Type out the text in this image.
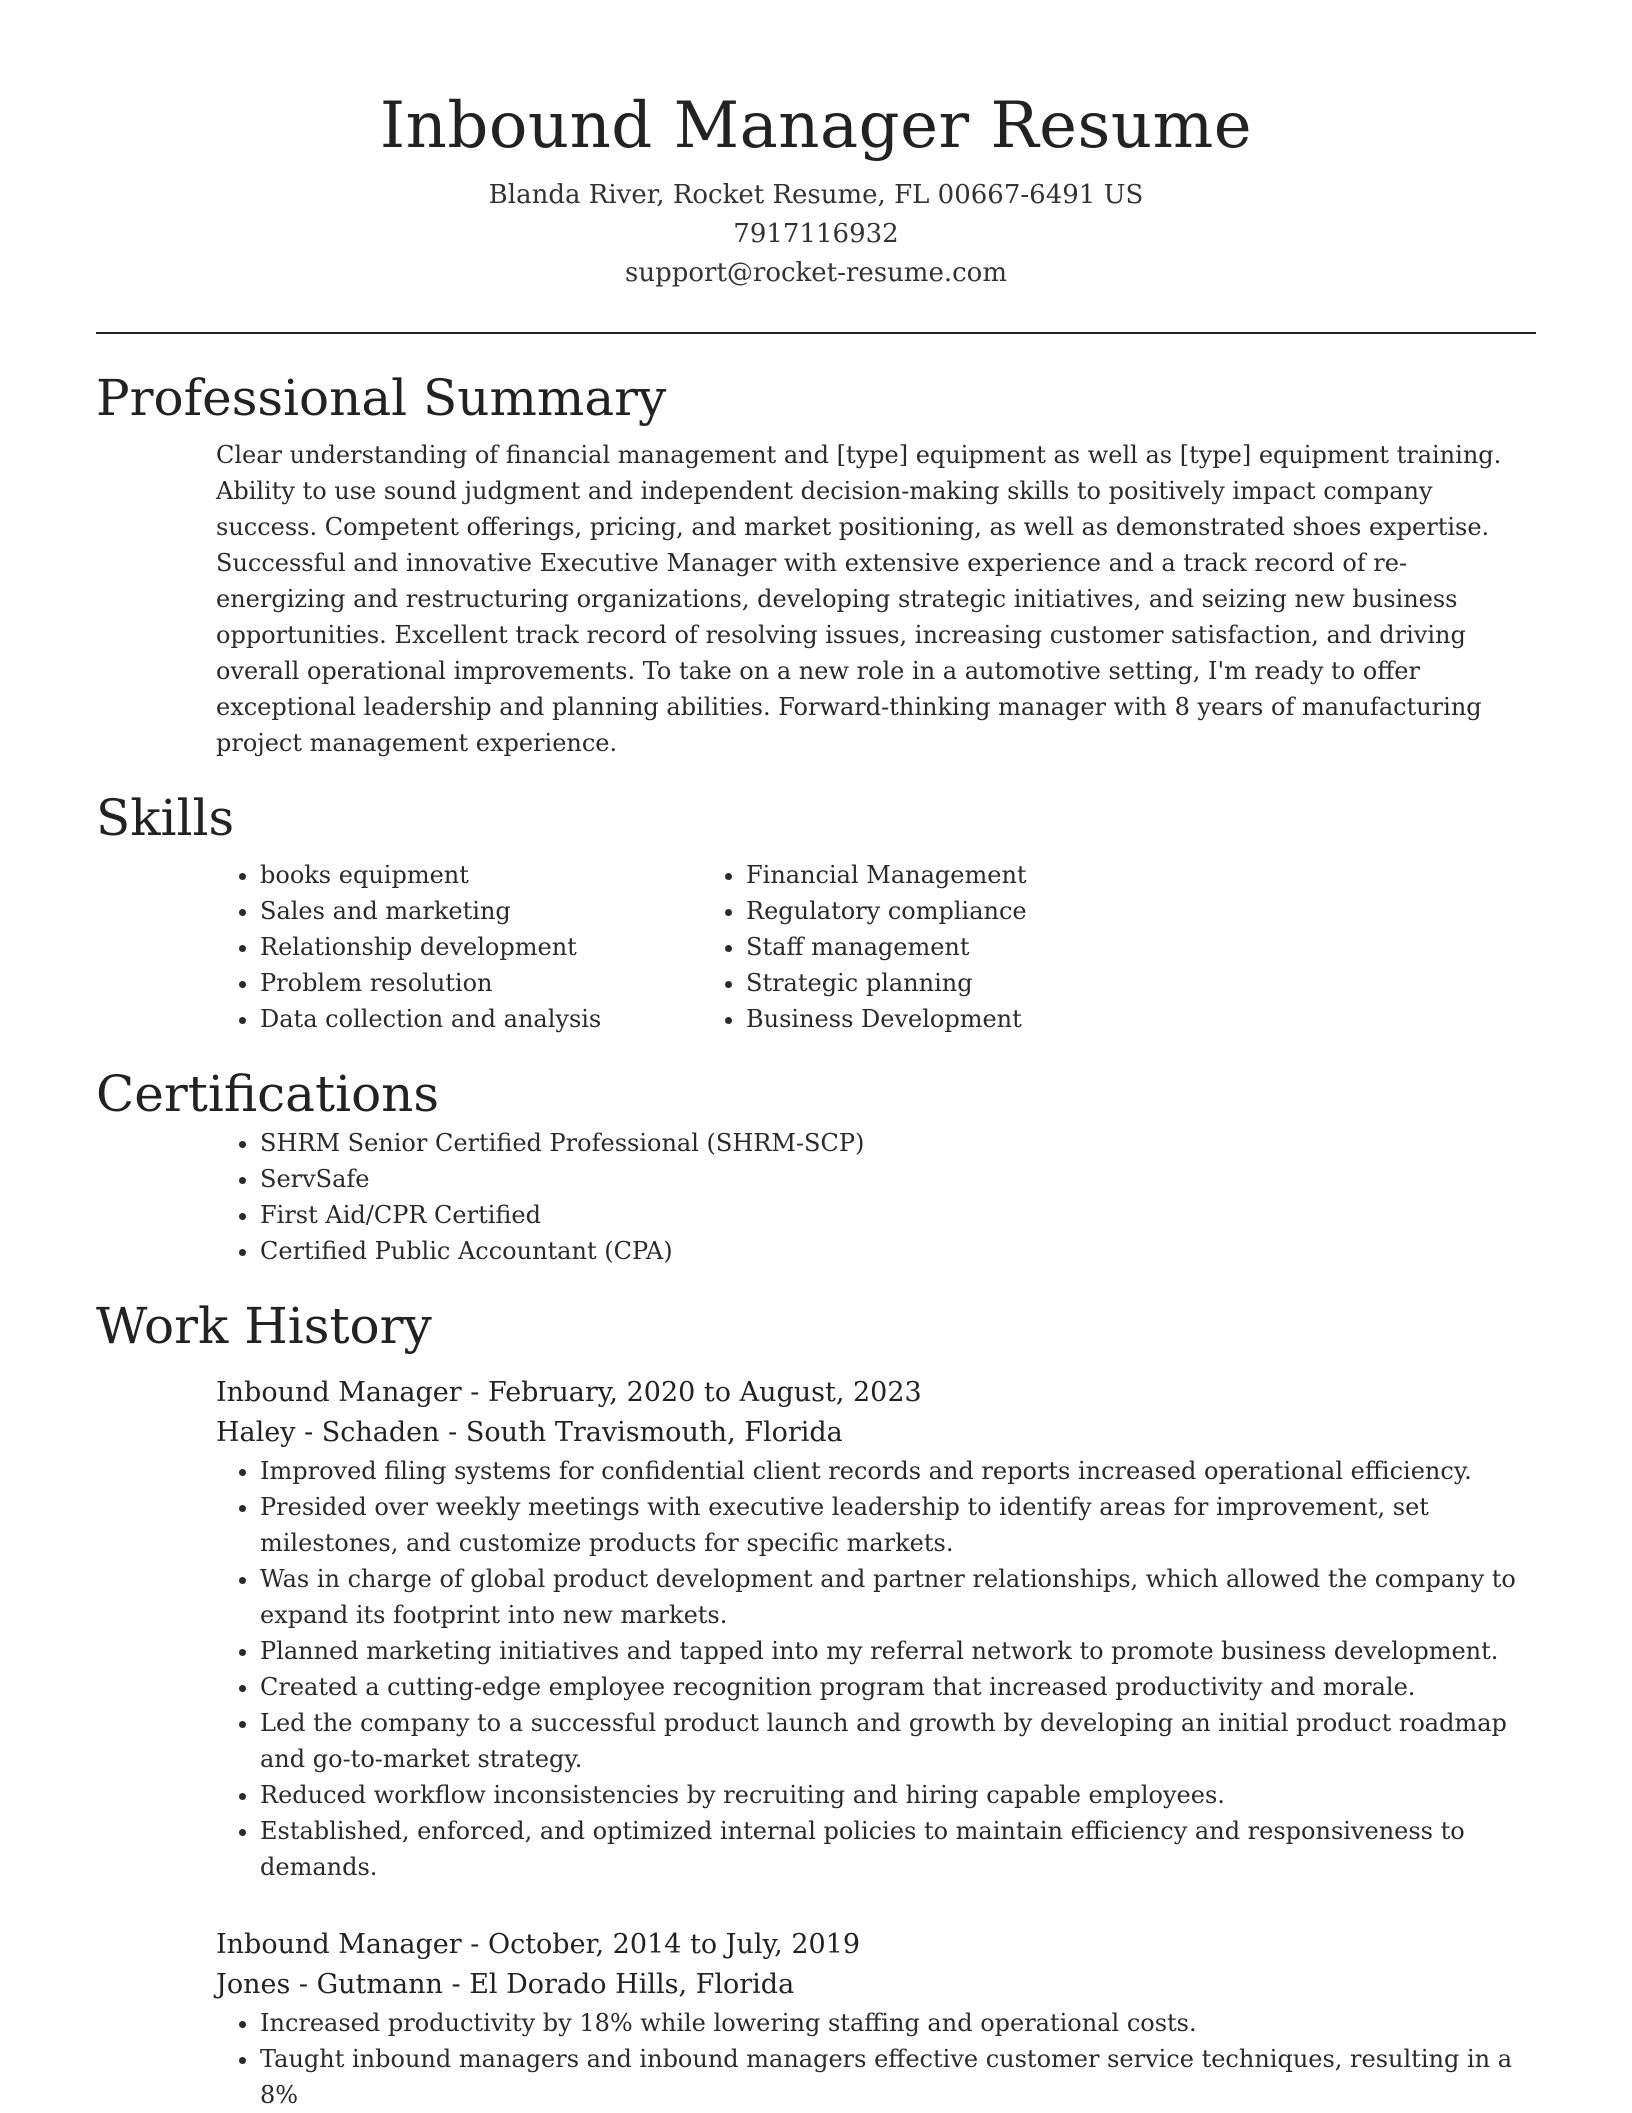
Inbound Manager Resume
Blanda River, Rocket Resume, FL 00667-6491 US
7917116932
support@rocket-resume.com
Professional Summary

Clear understanding of financial management and [type] equipment as well as [type] equipment training. Ability to use sound judgment and independent decision-making skills to positively impact company success. Competent offerings, pricing, and market positioning, as well as demonstrated shoes expertise. Successful and innovative Executive Manager with extensive experience and a track record of re-energizing and restructuring organizations, developing strategic initiatives, and seizing new business opportunities. Excellent track record of resolving issues, increasing customer satisfaction, and driving overall operational improvements. To take on a new role in a automotive setting, I'm ready to offer exceptional leadership and planning abilities. Forward-thinking manager with 8 years of manufacturing project management experience.

Skills
• books equipment
• Sales and marketing
• Relationship development
• Problem resolution
• Data collection and analysis
• Financial Management
• Regulatory compliance
• Staff management
• Strategic planning
• Business Development
Certifications
• SHRM Senior Certified Professional (SHRM-SCP)
• ServSafe
• First Aid/CPR Certified
• Certified Public Accountant (CPA)
Work History
Inbound Manager - February, 2020 to August, 2023
Haley - Schaden - South Travismouth, Florida
• Improved filing systems for confidential client records and reports increased operational efficiency.
• Presided over weekly meetings with executive leadership to identify areas for improvement, set milestones, and customize products for specific markets.
• Was in charge of global product development and partner relationships, which allowed the company to expand its footprint into new markets.
• Planned marketing initiatives and tapped into my referral network to promote business development.
• Created a cutting-edge employee recognition program that increased productivity and morale.
• Led the company to a successful product launch and growth by developing an initial product roadmap and go-to-market strategy.
• Reduced workflow inconsistencies by recruiting and hiring capable employees.
• Established, enforced, and optimized internal policies to maintain efficiency and responsiveness to demands.
Inbound Manager - October, 2014 to July, 2019
Jones - Gutmann - El Dorado Hills, Florida
• Increased productivity by 18% while lowering staffing and operational costs.
• Taught inbound managers and inbound managers effective customer service techniques, resulting in a 8%
